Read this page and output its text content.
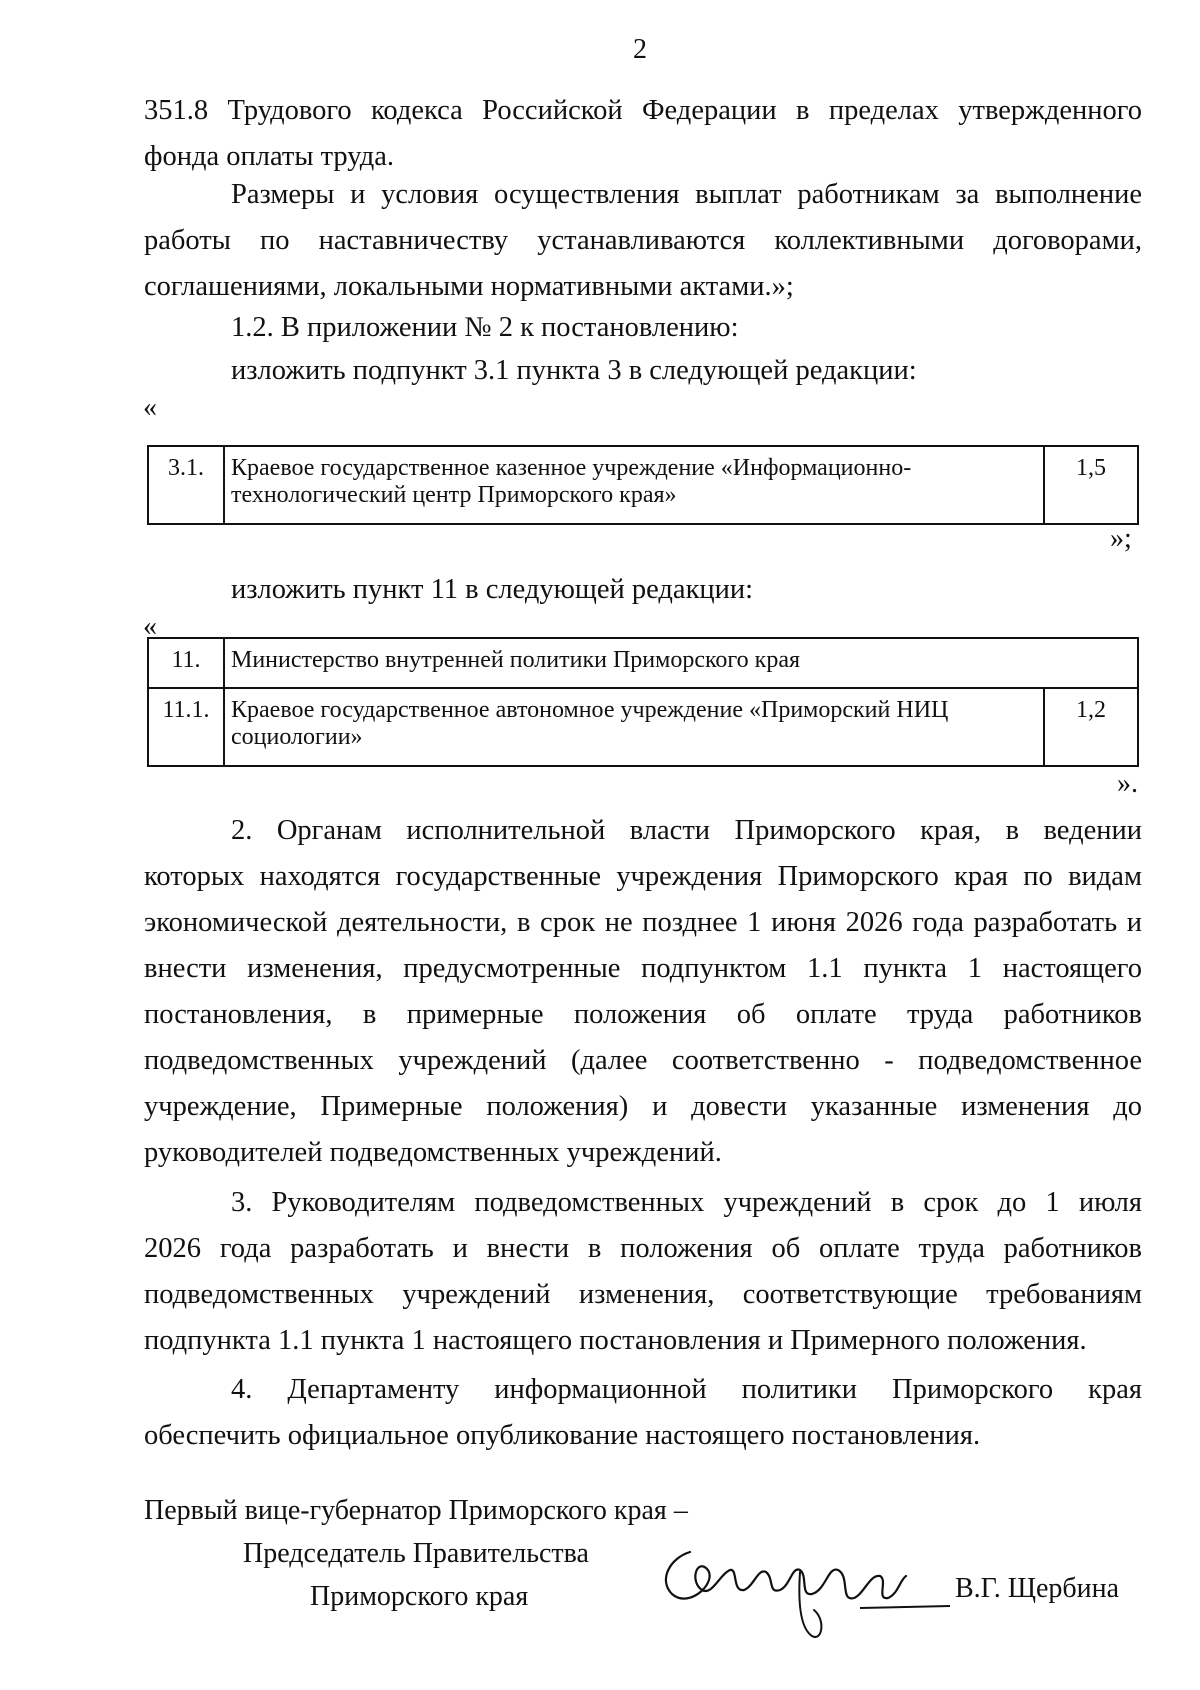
2
351.8 Трудового кодекса Российской Федерации в пределах утвержденного
фонда оплаты труда.
Размеры и условия осуществления выплат работникам за выполнение
работы по наставничеству устанавливаются коллективными договорами,
соглашениями, локальными нормативными актами.»;
1.2. В приложении № 2 к постановлению:
изложить подпункт 3.1 пункта 3 в следующей редакции:
«
3.1.	Краевое государственное казенное учреждение «Информационно-технологический центр Приморского края»	1,5
»;
изложить пункт 11 в следующей редакции:
«
11.	Министерство внутренней политики Приморского края	
11.1.	Краевое государственное автономное учреждение «Приморский НИЦ социологии»	1,2
».
2. Органам исполнительной власти Приморского края, в ведении
которых находятся государственные учреждения Приморского края по видам
экономической деятельности, в срок не позднее 1 июня 2026 года разработать и
внести изменения, предусмотренные подпунктом 1.1 пункта 1 настоящего
постановления, в примерные положения об оплате труда работников
подведомственных учреждений (далее соответственно - подведомственное
учреждение, Примерные положения) и довести указанные изменения до
руководителей подведомственных учреждений.
3. Руководителям подведомственных учреждений в срок до 1 июля
2026 года разработать и внести в положения об оплате труда работников
подведомственных учреждений изменения, соответствующие требованиям
подпункта 1.1 пункта 1 настоящего постановления и Примерного положения.
4. Департаменту информационной политики Приморского края
обеспечить официальное опубликование настоящего постановления.
Первый вице-губернатор Приморского края –
Председатель Правительства
Приморского края	В.Г. Щербина
